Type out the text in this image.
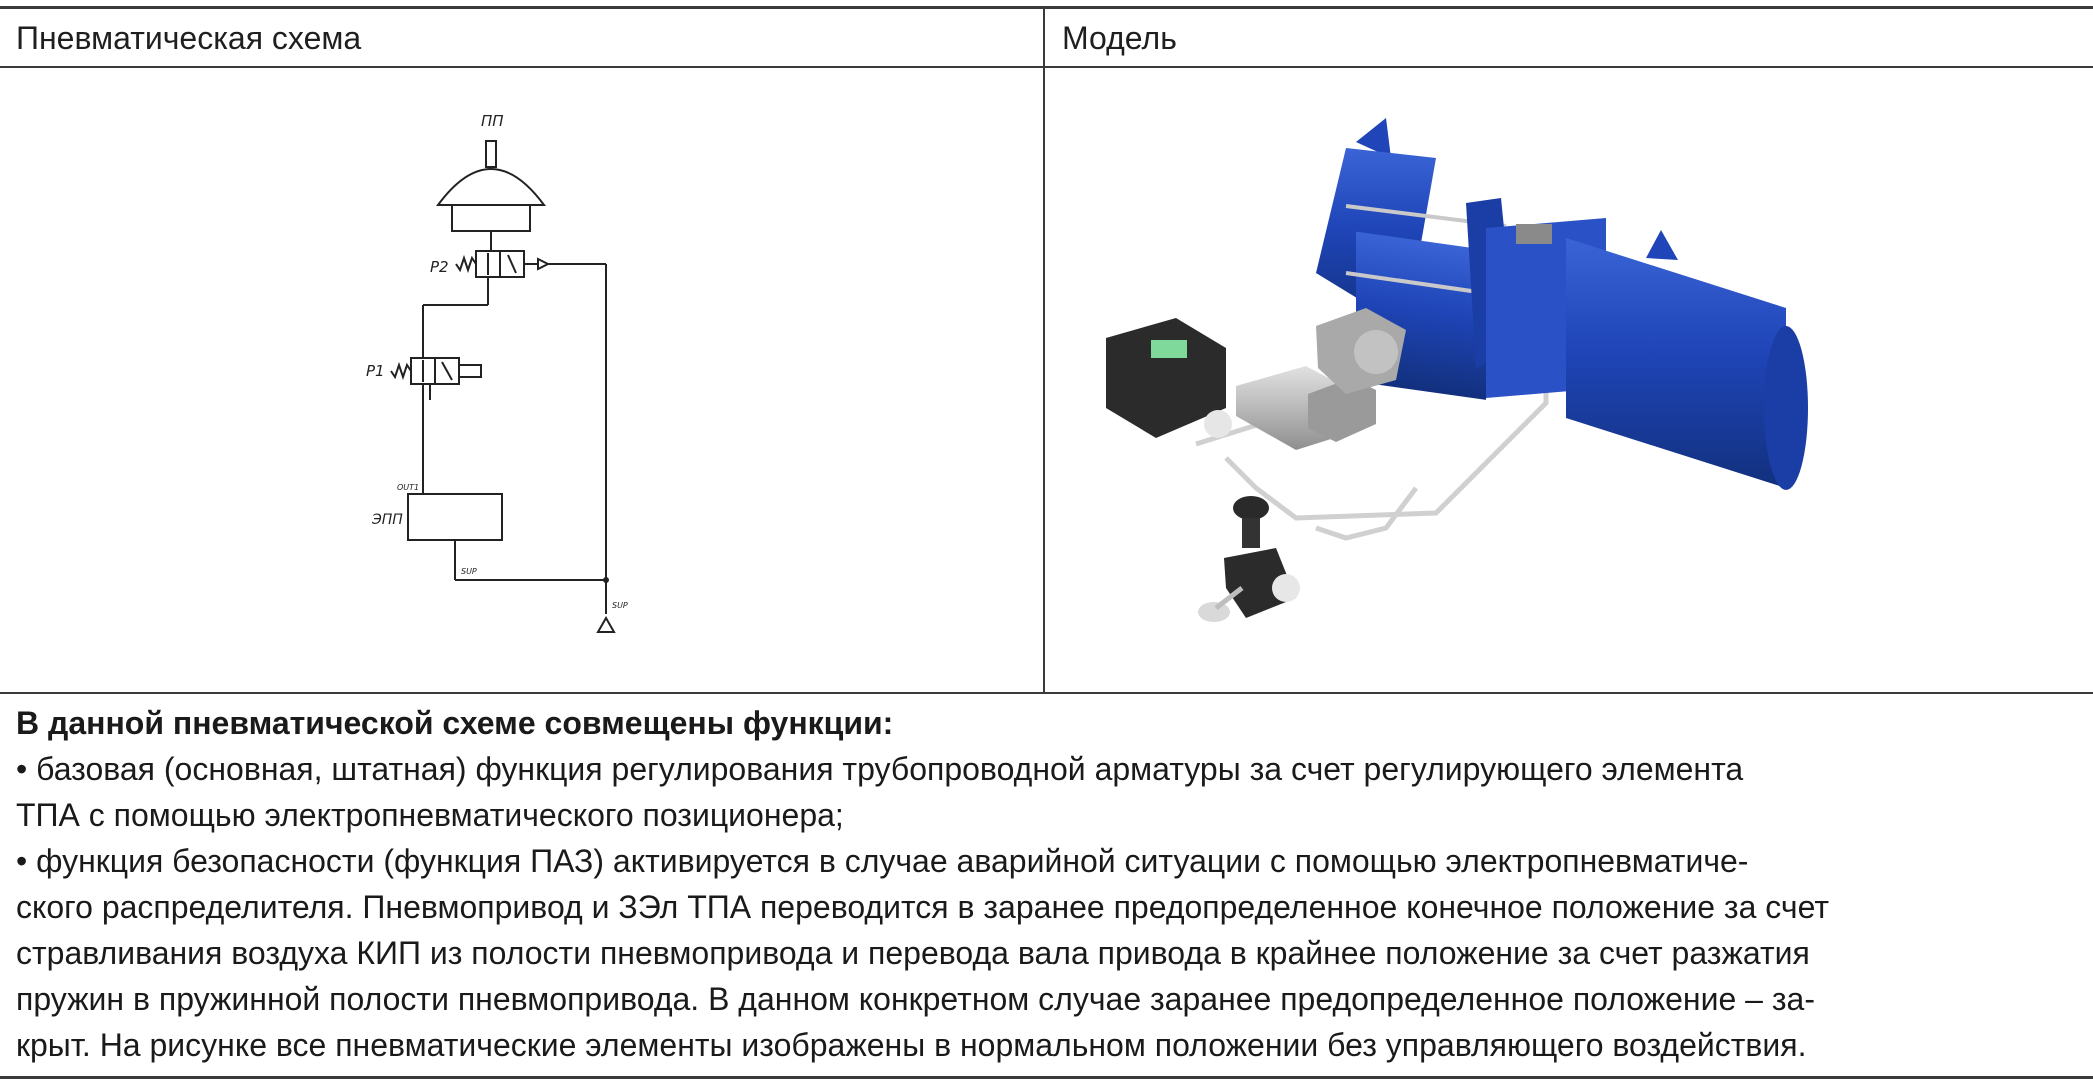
Пневматическая схема	Модель
ПП
Р2
Р1
ЭПП
OUT1
SUP
SUP
В данной пневматической схеме совмещены функции:

• базовая (основная, штатная) функция регулирования трубопроводной арматуры за счет регулирующего элемента

ТПА с помощью электропневматического позиционера;

• функция безопасности (функция ПАЗ) активируется в случае аварийной ситуации с помощью электропневматиче-

ского распределителя. Пневмопривод и ЗЭл ТПА переводится в заранее предопределенное конечное положение за счет

стравливания воздуха КИП из полости пневмопривода и перевода вала привода в крайнее положение за счет разжатия

пружин в пружинной полости пневмопривода. В данном конкретном случае заранее предопределенное положение – за-

крыт. На рисунке все пневматические элементы изображены в нормальном положении без управляющего воздействия.
